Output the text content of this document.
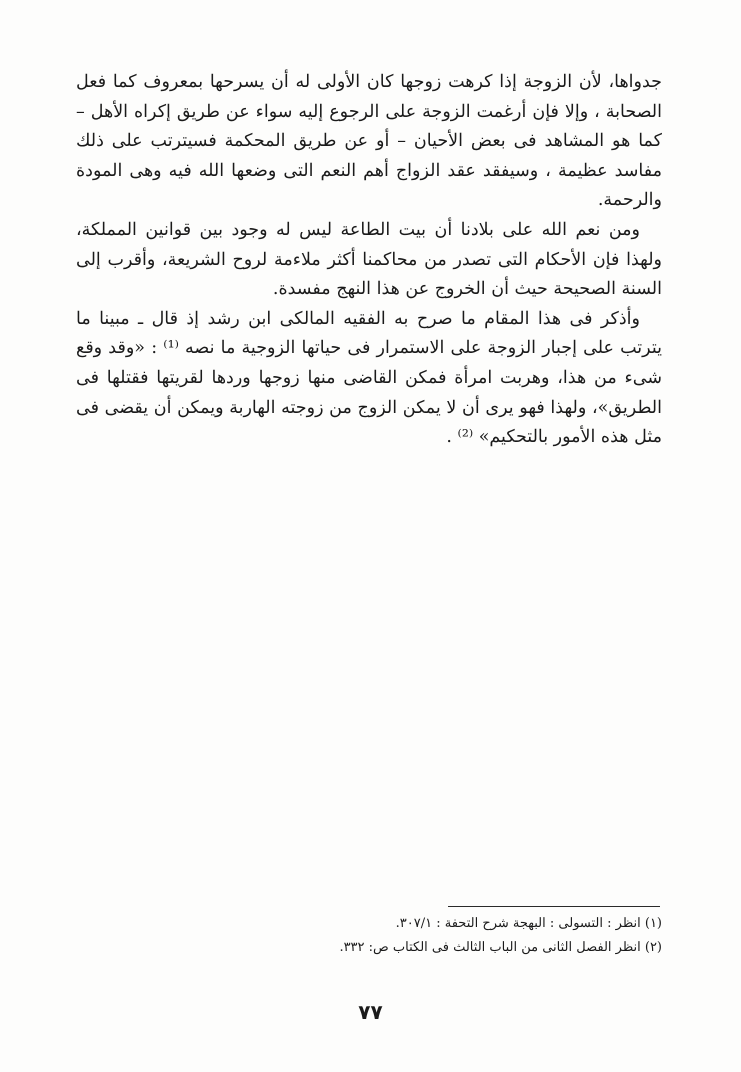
جدواها، لأن الزوجة إذا كرهت زوجها كان الأولى له أن يسرحها بمعروف كما فعل الصحابة ، وإلا فإن أرغمت الزوجة على الرجوع إليه سواء عن طريق إكراه الأهل – كما هو المشاهد فى بعض الأحيان – أو عن طريق المحكمة فسيترتب على ذلك مفاسد عظيمة ، وسيفقد عقد الزواج أهم النعم التى وضعها الله فيه وهى المودة والرحمة.

ومن نعم الله على بلادنا أن بيت الطاعة ليس له وجود بين قوانين المملكة، ولهذا فإن الأحكام التى تصدر من محاكمنا أكثر ملاءمة لروح الشريعة، وأقرب إلى السنة الصحيحة حيث أن الخروج عن هذا النهج مفسدة.

وأذكر فى هذا المقام ما صرح به الفقيه المالكى ابن رشد إذ قال ـ مبينا ما يترتب على إجبار الزوجة على الاستمرار فى حياتها الزوجية ما نصه ⁽¹⁾ : «وقد وقع شىء من هذا، وهربت امرأة فمكن القاضى منها زوجها وردها لقريتها فقتلها فى الطريق»، ولهذا فهو يرى أن لا يمكن الزوج من زوجته الهاربة ويمكن أن يقضى فى مثل هذه الأمور بالتحكيم» ⁽²⁾ .

(١) انظر : التسولى : البهجة شرح التحفة : ٣٠٧/١.

(٢) انظر الفصل الثانى من الباب الثالث فى الكتاب ص: ٣٣٢.

٧٧
